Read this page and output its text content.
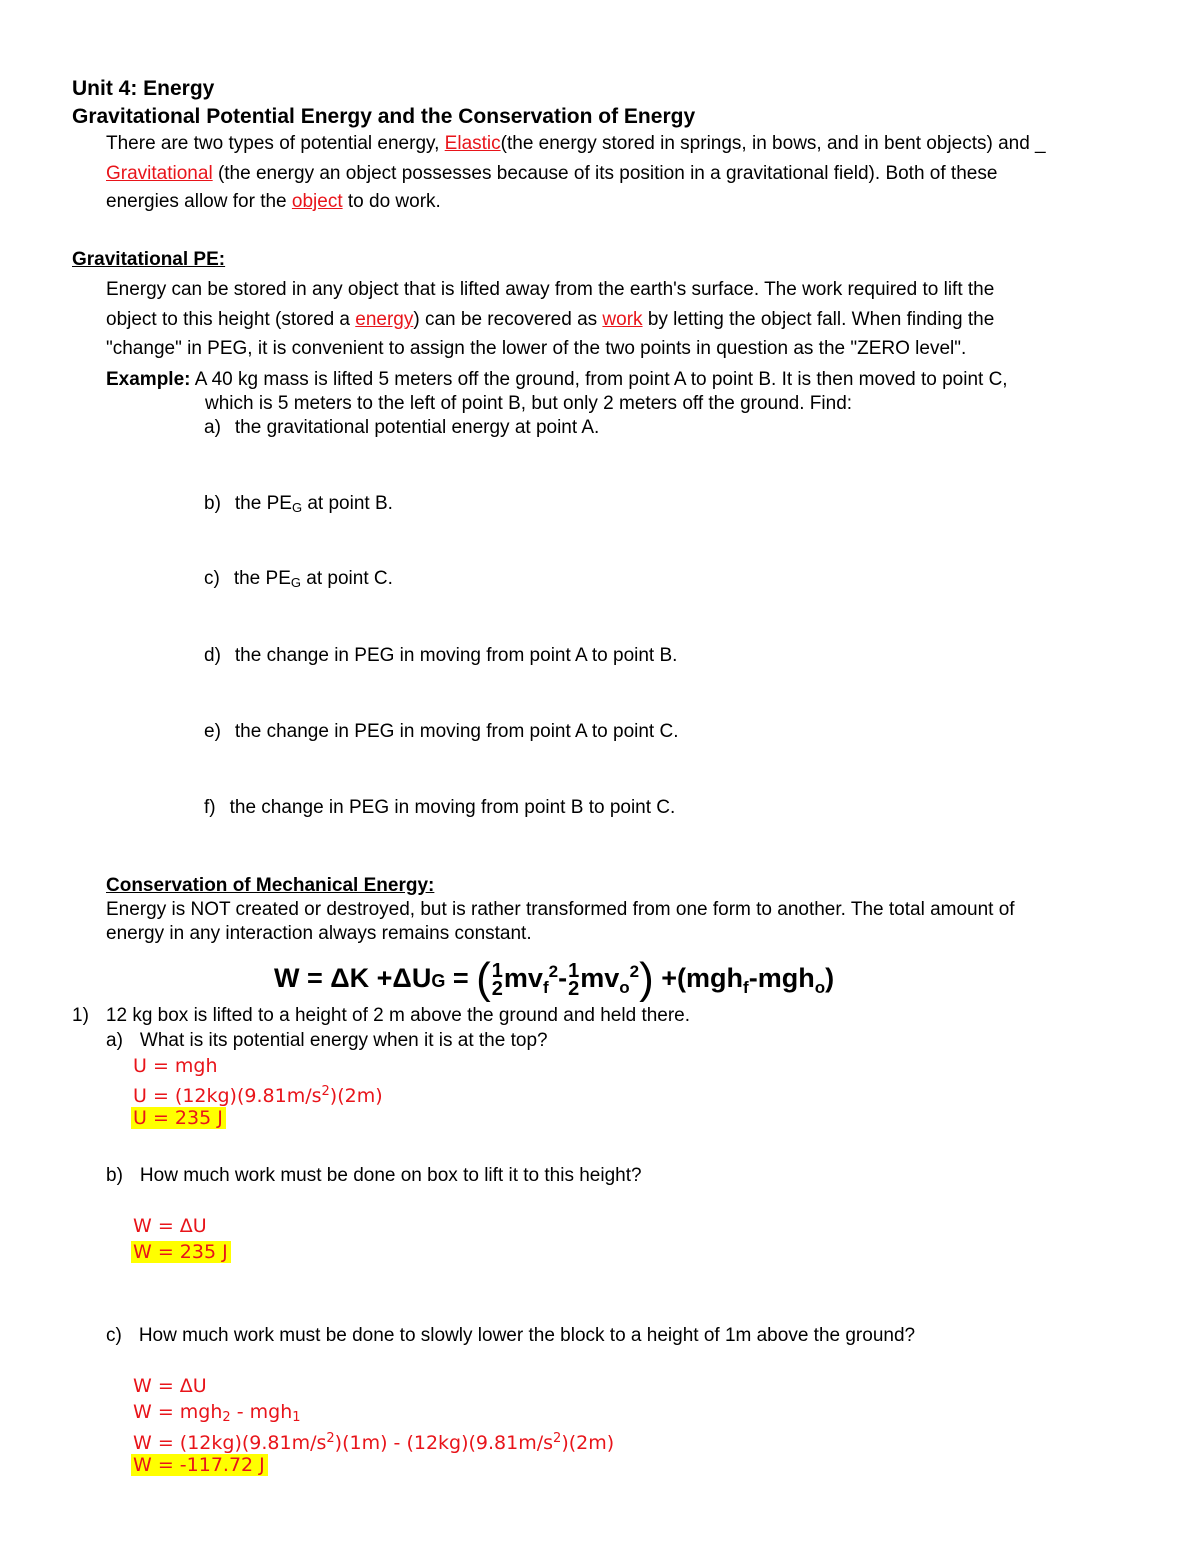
Unit 4: Energy
Gravitational Potential Energy and the Conservation of Energy
There are two types of potential energy, Elastic(the energy stored in springs, in bows, and in bent objects) and _
Gravitational (the energy an object possesses because of its position in a gravitational field). Both of these
energies allow for the object to do work.
Gravitational PE:
Energy can be stored in any object that is lifted away from the earth's surface. The work required to lift the
object to this height (stored a energy) can be recovered as work by letting the object fall. When finding the
"change" in PEG, it is convenient to assign the lower of the two points in question as the "ZERO level".
Example: A 40 kg mass is lifted 5 meters off the ground, from point A to point B. It is then moved to point C,
which is 5 meters to the left of point B, but only 2 meters off the ground. Find:
a) the gravitational potential energy at point A.
b) the $PE_G$ at point B.
c) the $PE_G$ at point C.
d) the change in PEG in moving from point A to point B.
e) the change in PEG in moving from point A to point C.
f) the change in PEG in moving from point B to point C.
Conservation of Mechanical Energy:
Energy is NOT created or destroyed, but is rather transformed from one form to another. The total amount of
energy in any interaction always remains constant.
W = ΔK +ΔUG = ( 1
2 $mv_f^2-$ 1
2 $mv_o^2) +(mgh_f-mgh_o)$
1) 12 kg box is lifted to a height of 2 m above the ground and held there.
a) What is its potential energy when it is at the top?
U = mgh
$U = (12kg)(9.81m/s^2)(2m)$
U = 235 J
b) How much work must be done on box to lift it to this height?
W = ΔU
W = 235 J
c) How much work must be done to slowly lower the block to a height of 1m above the ground?
W = ΔU
W = mgh$_2$ - mgh$_1$
$W = (12kg)(9.81m/s^2)(1m) - (12kg)(9.81m/s^2)(2m)$
W = -117.72 J
